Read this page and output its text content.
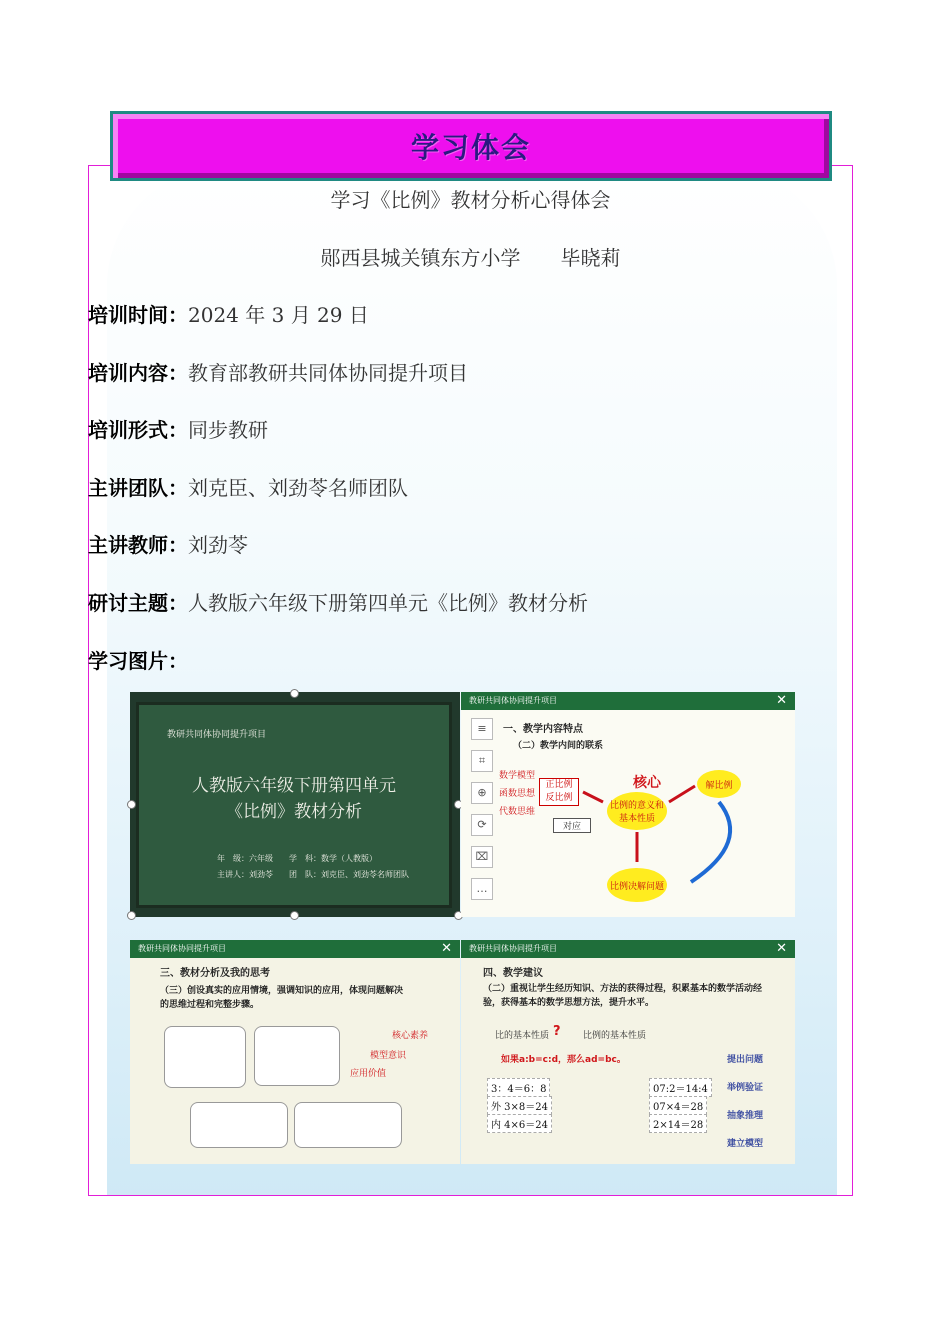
学习体会
学习《比例》教材分析心得体会
郧西县城关镇东方小学　　毕晓莉
培训时间：2024 年 3 月 29 日
培训内容：教育部教研共同体协同提升项目
培训形式：同步教研
主讲团队：刘克臣、刘劲苓名师团队
主讲教师：刘劲苓
研讨主题：人教版六年级下册第四单元《比例》教材分析
学习图片：
教研共同体协同提升项目
人教版六年级下册第四单元
《比例》教材分析
年　级：六年级　　学　科：数学（人教版）
主讲人：刘劲苓　　团　队：刘克臣、刘劲苓名师团队
教研共同体协同提升项目	✕
≡
⌗
⊕
⟳
⌧
…
一、教学内容特点
（二）教学内间的联系
数学模型
函数思想
代数思维
正比例
反比例
核心
比例的意义和基本性质
解比例
比例决解问题
对应
教研共同体协同提升项目	✕
三、教材分析及我的思考
（三）创设真实的应用情境，强调知识的应用，体现问题解决的思维过程和完整步骤。
核心素养
模型意识
应用价值
教研共同体协同提升项目	✕
四、教学建议
（二）重视让学生经历知识、方法的获得过程，积累基本的数学活动经验，获得基本的数学思想方法，提升水平。
比的基本性质 ? 比例的基本性质
如果a:b=c:d，那么ad=bc。
3：4＝6：8
外 3×8＝24
内 4×6＝24
07:2＝14:4
07×4＝28
2×14＝28
提出问题
举例验证
抽象推理
建立模型
